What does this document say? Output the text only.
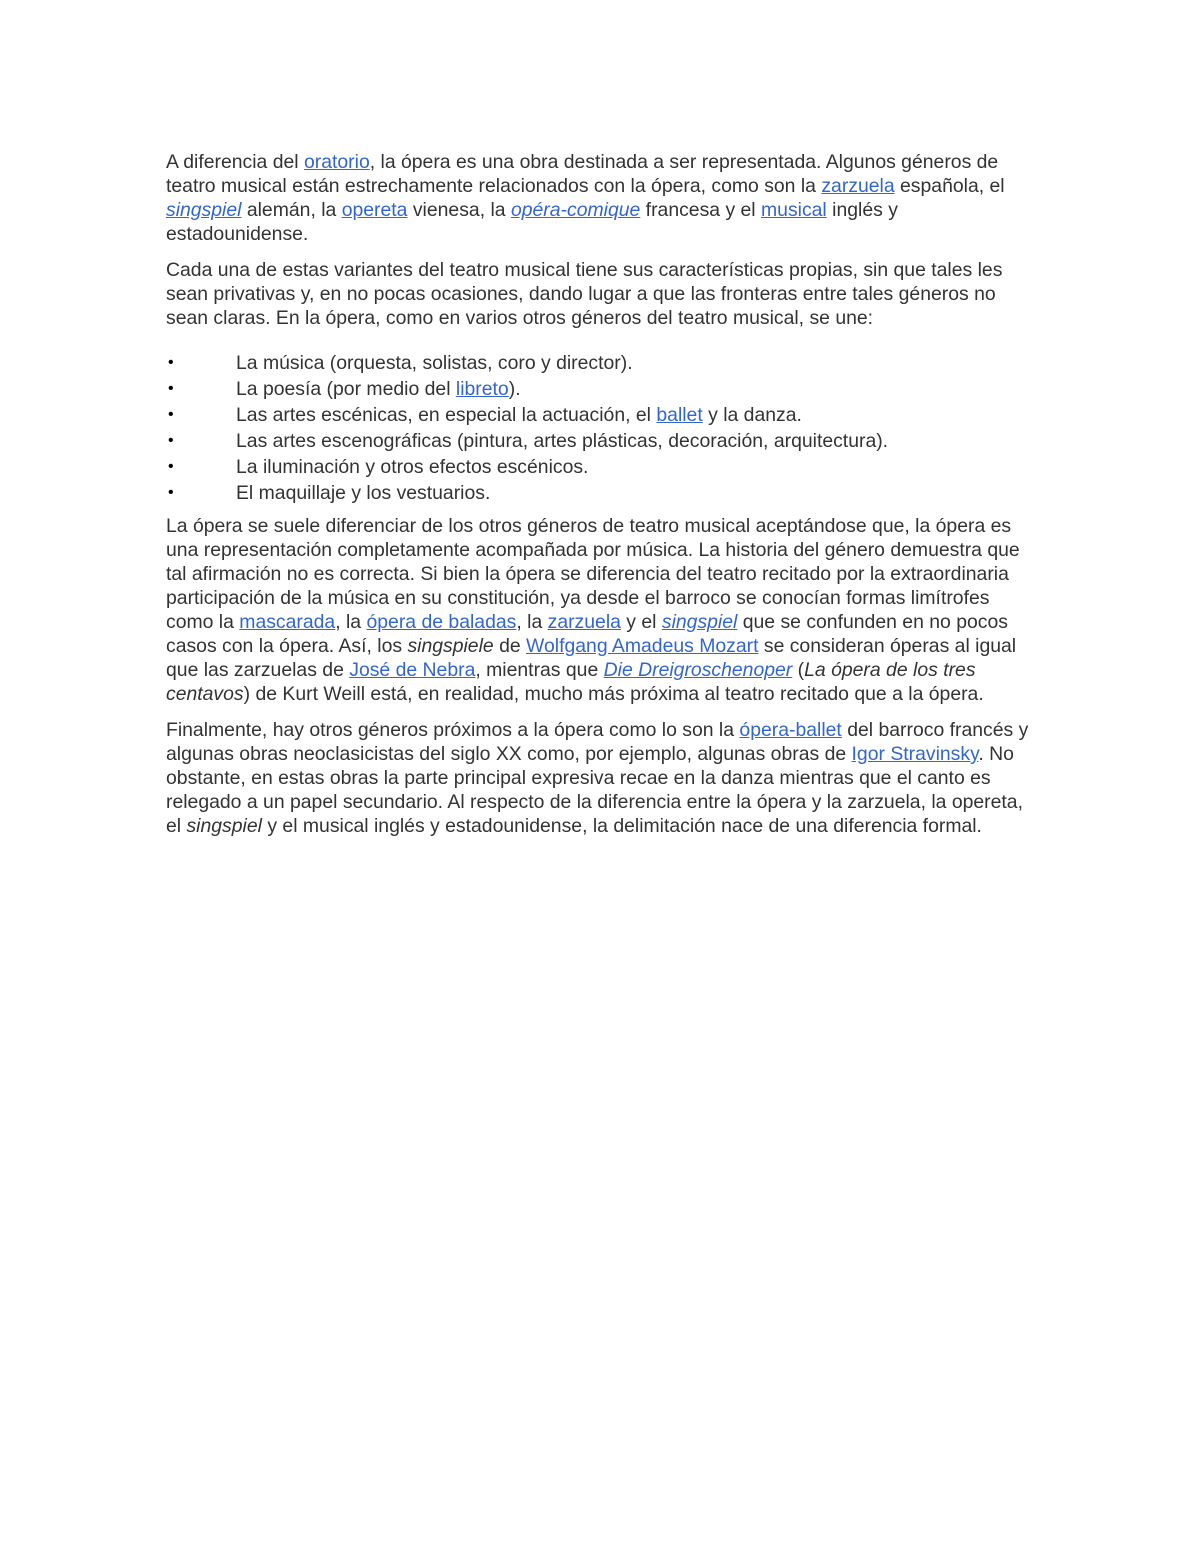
A diferencia del oratorio, la ópera es una obra destinada a ser representada. Algunos géneros de teatro musical están estrechamente relacionados con la ópera, como son la zarzuela española, el singspiel alemán, la opereta vienesa, la opéra-comique francesa y el musical inglés y estadounidense.

Cada una de estas variantes del teatro musical tiene sus características propias, sin que tales les sean privativas y, en no pocas ocasiones, dando lugar a que las fronteras entre tales géneros no sean claras. En la ópera, como en varios otros géneros del teatro musical, se une:

•	La música (orquesta, solistas, coro y director).
•	La poesía (por medio del libreto).
•	Las artes escénicas, en especial la actuación, el ballet y la danza.
•	Las artes escenográficas (pintura, artes plásticas, decoración, arquitectura).
•	La iluminación y otros efectos escénicos.
•	El maquillaje y los vestuarios.

La ópera se suele diferenciar de los otros géneros de teatro musical aceptándose que, la ópera es una representación completamente acompañada por música. La historia del género demuestra que tal afirmación no es correcta. Si bien la ópera se diferencia del teatro recitado por la extraordinaria participación de la música en su constitución, ya desde el barroco se conocían formas limítrofes como la mascarada, la ópera de baladas, la zarzuela y el singspiel que se confunden en no pocos casos con la ópera. Así, los singspiele de Wolfgang Amadeus Mozart se consideran óperas al igual que las zarzuelas de José de Nebra, mientras que Die Dreigroschenoper (La ópera de los tres centavos) de Kurt Weill está, en realidad, mucho más próxima al teatro recitado que a la ópera.

Finalmente, hay otros géneros próximos a la ópera como lo son la ópera-ballet del barroco francés y algunas obras neoclasicistas del siglo XX como, por ejemplo, algunas obras de Igor Stravinsky. No obstante, en estas obras la parte principal expresiva recae en la danza mientras que el canto es relegado a un papel secundario. Al respecto de la diferencia entre la ópera y la zarzuela, la opereta, el singspiel y el musical inglés y estadounidense, la delimitación nace de una diferencia formal.
